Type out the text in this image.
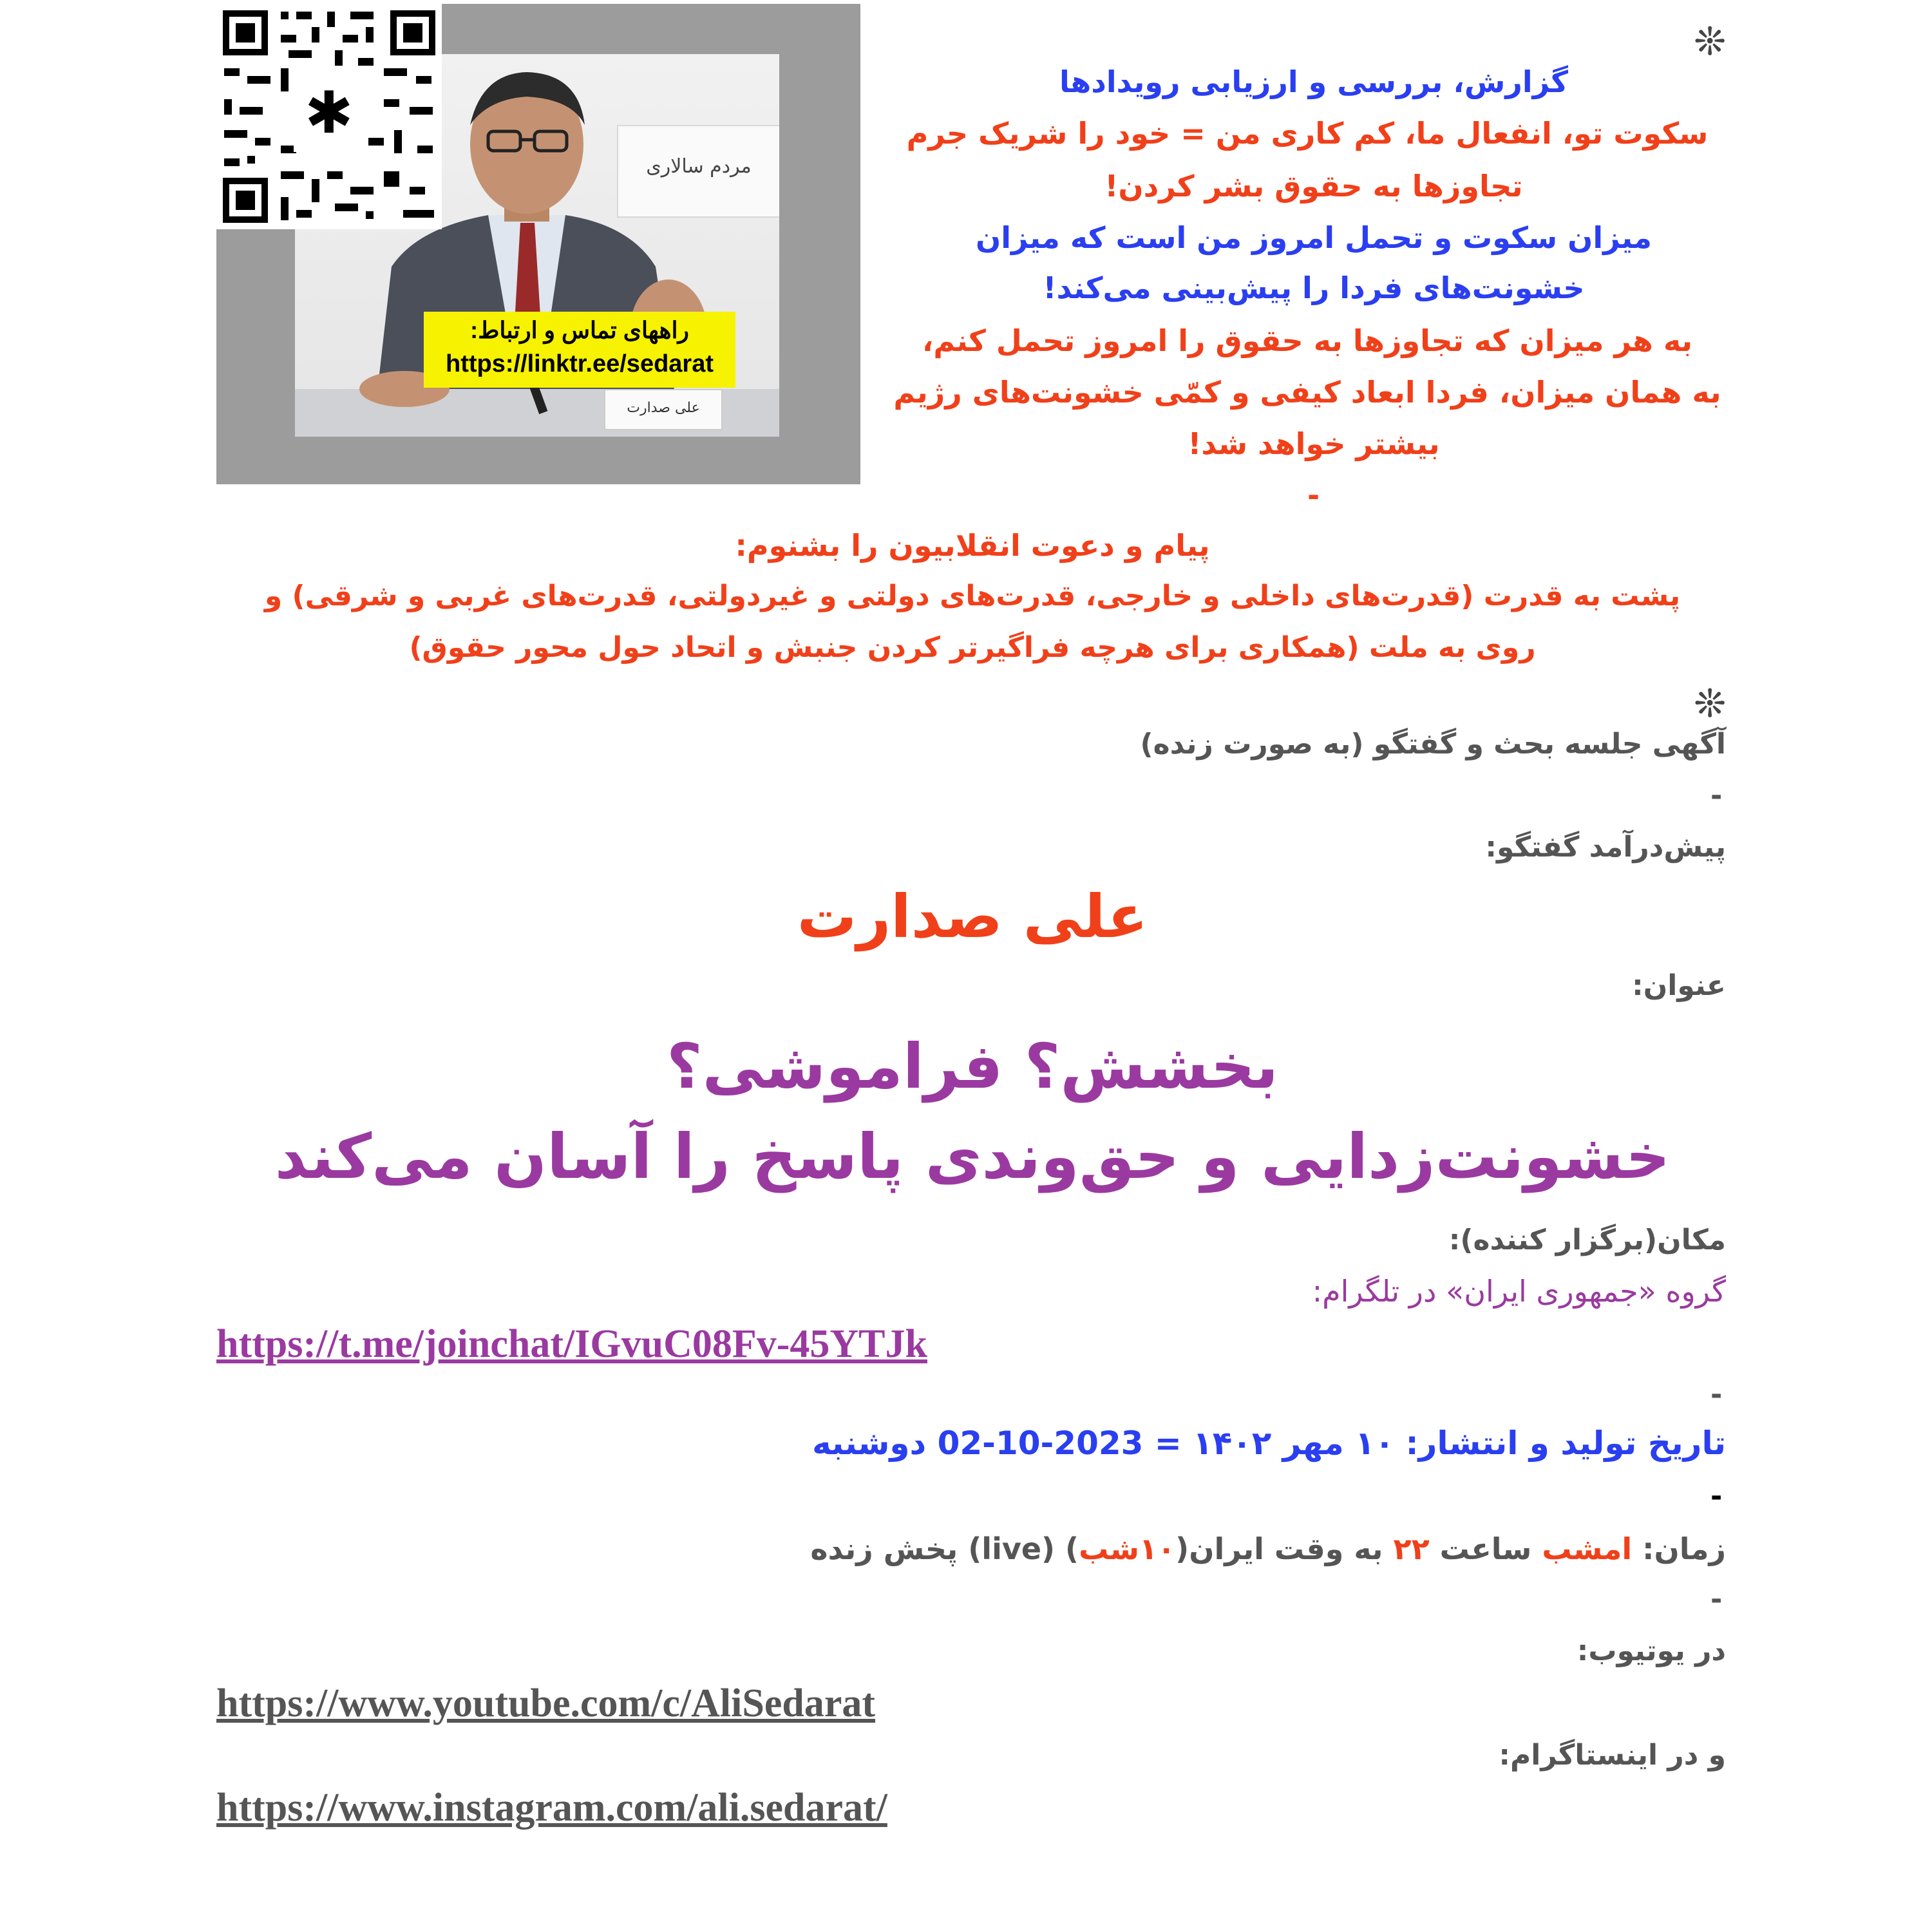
مردم سالاری
علی صدارت
راههای تماس و ارتباط:
https://linktr.ee/sedarat
✱
❊
گزارش، بررسی و ارزیابی رویدادها
سکوت تو، انفعال ما، کم کاری من = خود را شریک جرم
تجاوزها به حقوق بشر کردن!
میزان سکوت و تحمل امروز من است که میزان
خشونت‌های فردا را پیش‌بینی می‌کند!
به هر میزان که تجاوزها به حقوق را امروز تحمل کنم،
به همان میزان، فردا ابعاد کیفی و کمّی خشونت‌های رژیم
بیشتر خواهد شد!
-
پیام و دعوت انقلابیون را بشنوم:
پشت به قدرت (قدرت‌های داخلی و خارجی، قدرت‌های دولتی و غیردولتی، قدرت‌های غربی و شرقی) و
روی به ملت (همکاری برای هرچه فراگیرتر کردن جنبش و اتحاد حول محور حقوق)
❊
آگهی جلسه بحث و گفتگو (به صورت زنده)
-
پیش‌درآمد گفتگو:
علی صدارت
عنوان:
بخشش؟ فراموشی؟
خشونت‌زدایی و حق‌وندی پاسخ را آسان می‌کند
مکان(برگزار کننده):
گروه «جمهوری ایران» در تلگرام:
https://t.me/joinchat/IGvuC08Fv-45YTJk
-
تاریخ تولید و انتشار: ۱۰ مهر ۱۴۰۲ = 2023-10-02 دوشنبه
-
زمان: امشب ساعت ۲۲ به وقت ایران(۱۰شب) (live) پخش زنده
-
در یوتیوب:
https://www.youtube.com/c/AliSedarat
و در اینستاگرام:
https://www.instagram.com/ali.sedarat/
